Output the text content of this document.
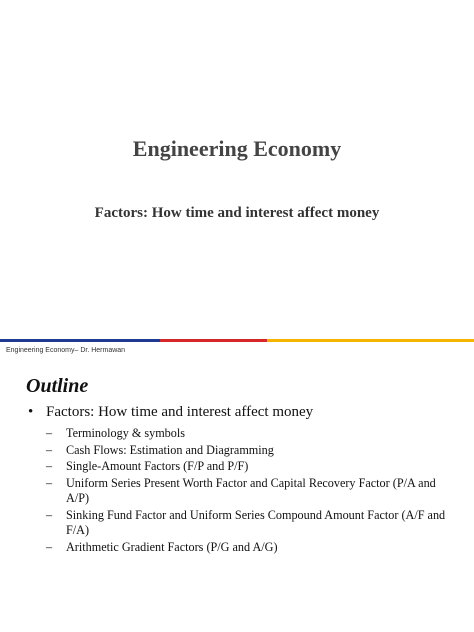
Engineering Economy
Factors: How time and interest affect money
Engineering Economy– Dr. Hermawan
Outline
• Factors: How time and interest affect money
–	Terminology & symbols
–	Cash Flows: Estimation and Diagramming
–	Single-Amount Factors (F/P and P/F)
–	Uniform Series Present Worth Factor and Capital Recovery Factor (P/A and A/P)
–	Sinking Fund Factor and Uniform Series Compound Amount Factor (A/F and F/A)
–	Arithmetic Gradient Factors (P/G and A/G)
